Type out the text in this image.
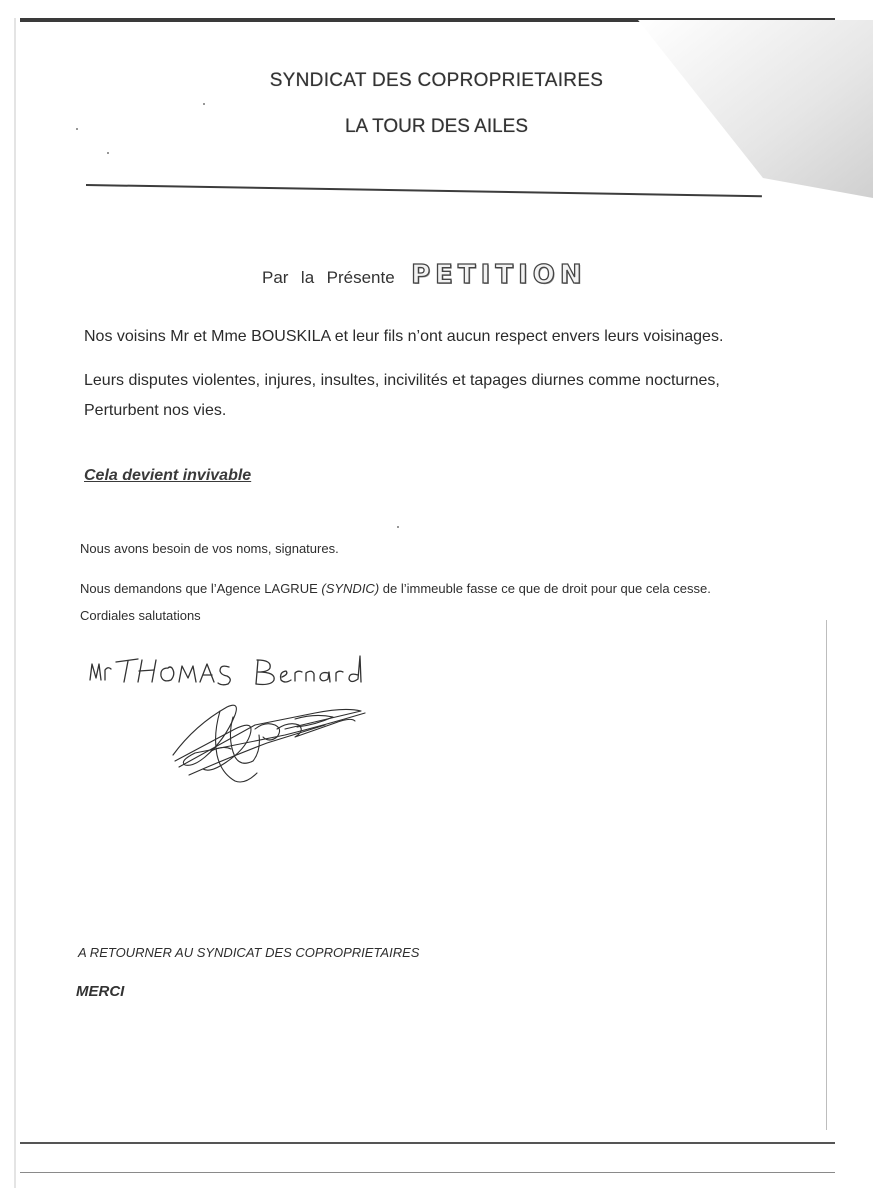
SYNDICAT DES COPROPRIETAIRES
LA TOUR DES AILES
Par la Présente PETITION
Nos voisins Mr et Mme BOUSKILA et leur fils n’ont aucun respect envers leurs voisinages.
Leurs disputes violentes, injures, insultes, incivilités et tapages diurnes comme nocturnes,
Perturbent nos vies.
Cela devient invivable
Nous avons besoin de vos noms, signatures.
Nous demandons que l’Agence LAGRUE (SYNDIC) de l’immeuble fasse ce que de droit pour que cela cesse.
Cordiales salutations
A RETOURNER AU SYNDICAT DES COPROPRIETAIRES
MERCI
